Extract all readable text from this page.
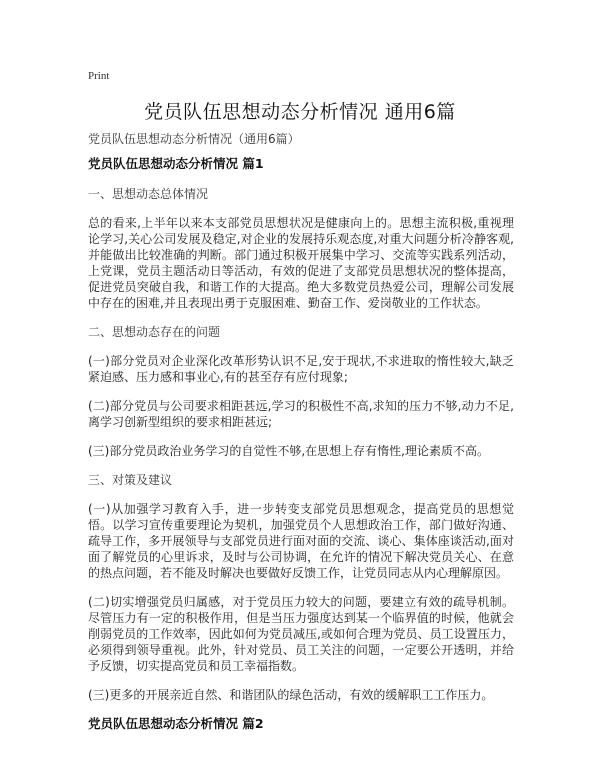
Print
党员队伍思想动态分析情况 通用6篇
党员队伍思想动态分析情况（通用6篇）
党员队伍思想动态分析情况 篇1
一、思想动态总体情况

总的看来,上半年以来本支部党员思想状况是健康向上的。思想主流积极,重视理论学习,关心公司发展及稳定,对企业的发展持乐观态度,对重大问题分析冷静客观,并能做出比较准确的判断。部门通过积极开展集中学习、交流等实践系列活动，上党课，党员主题活动日等活动，有效的促进了支部党员思想状况的整体提高，促进党员突破自我，和谐工作的大提高。绝大多数党员热爱公司，理解公司发展中存在的困难,并且表现出勇于克服困难、勤奋工作、爱岗敬业的工作状态。

二、思想动态存在的问题

(一)部分党员对企业深化改革形势认识不足,安于现状,不求进取的惰性较大,缺乏紧迫感、压力感和事业心,有的甚至存有应付现象;

(二)部分党员与公司要求相距甚远,学习的积极性不高,求知的压力不够,动力不足,离学习创新型组织的要求相距甚远;

(三)部分党员政治业务学习的自觉性不够,在思想上存有惰性,理论素质不高。

三、对策及建议

(一)从加强学习教育入手，进一步转变支部党员思想观念，提高党员的思想觉悟。以学习宣传重要理论为契机，加强党员个人思想政治工作，部门做好沟通、疏导工作，多开展领导与支部党员进行面对面的交流、谈心、集体座谈活动,面对面了解党员的心里诉求，及时与公司协调，在允许的情况下解决党员关心、在意的热点问题，若不能及时解决也要做好反馈工作，让党员同志从内心理解原因。

(二)切实增强党员归属感，对于党员压力较大的问题，要建立有效的疏导机制。尽管压力有一定的积极作用，但是当压力强度达到某一个临界值的时候，他就会削弱党员的工作效率，因此如何为党员减压,或如何合理为党员、员工设置压力，必须得到领导重视。此外，针对党员、员工关注的问题，一定要公开透明，并给予反馈，切实提高党员和员工幸福指数。

(三)更多的开展亲近自然、和谐团队的绿色活动，有效的缓解职工工作压力。

党员队伍思想动态分析情况 篇2
